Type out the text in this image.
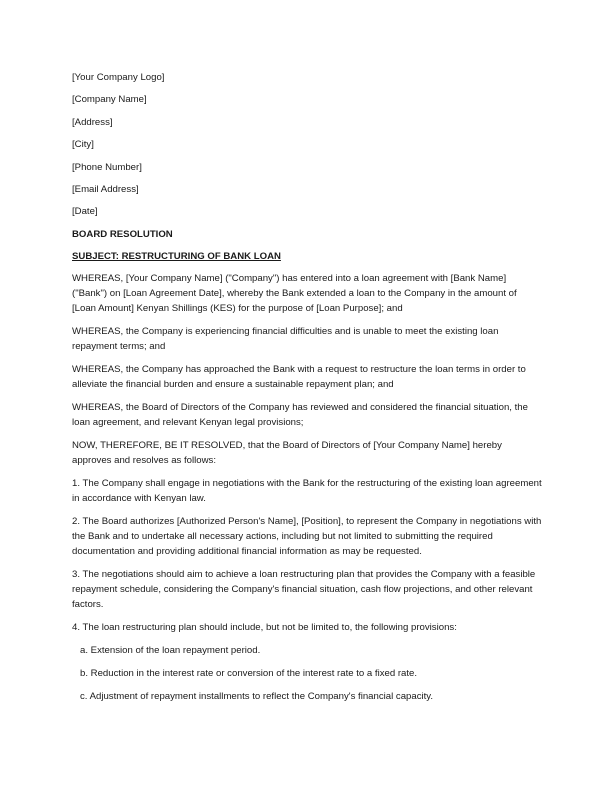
[Your Company Logo]
[Company Name]
[Address]
[City]
[Phone Number]
[Email Address]
[Date]
BOARD RESOLUTION
SUBJECT: RESTRUCTURING OF BANK LOAN

WHEREAS, [Your Company Name] ("Company") has entered into a loan agreement with [Bank Name] ("Bank") on [Loan Agreement Date], whereby the Bank extended a loan to the Company in the amount of [Loan Amount] Kenyan Shillings (KES) for the purpose of [Loan Purpose]; and

WHEREAS, the Company is experiencing financial difficulties and is unable to meet the existing loan repayment terms; and

WHEREAS, the Company has approached the Bank with a request to restructure the loan terms in order to alleviate the financial burden and ensure a sustainable repayment plan; and

WHEREAS, the Board of Directors of the Company has reviewed and considered the financial situation, the loan agreement, and relevant Kenyan legal provisions;

NOW, THEREFORE, BE IT RESOLVED, that the Board of Directors of [Your Company Name] hereby approves and resolves as follows:

1. The Company shall engage in negotiations with the Bank for the restructuring of the existing loan agreement in accordance with Kenyan law.

2. The Board authorizes [Authorized Person's Name], [Position], to represent the Company in negotiations with the Bank and to undertake all necessary actions, including but not limited to submitting the required documentation and providing additional financial information as may be requested.

3. The negotiations should aim to achieve a loan restructuring plan that provides the Company with a feasible repayment schedule, considering the Company's financial situation, cash flow projections, and other relevant factors.

4. The loan restructuring plan should include, but not be limited to, the following provisions:

a. Extension of the loan repayment period.

b. Reduction in the interest rate or conversion of the interest rate to a fixed rate.

c. Adjustment of repayment installments to reflect the Company's financial capacity.
